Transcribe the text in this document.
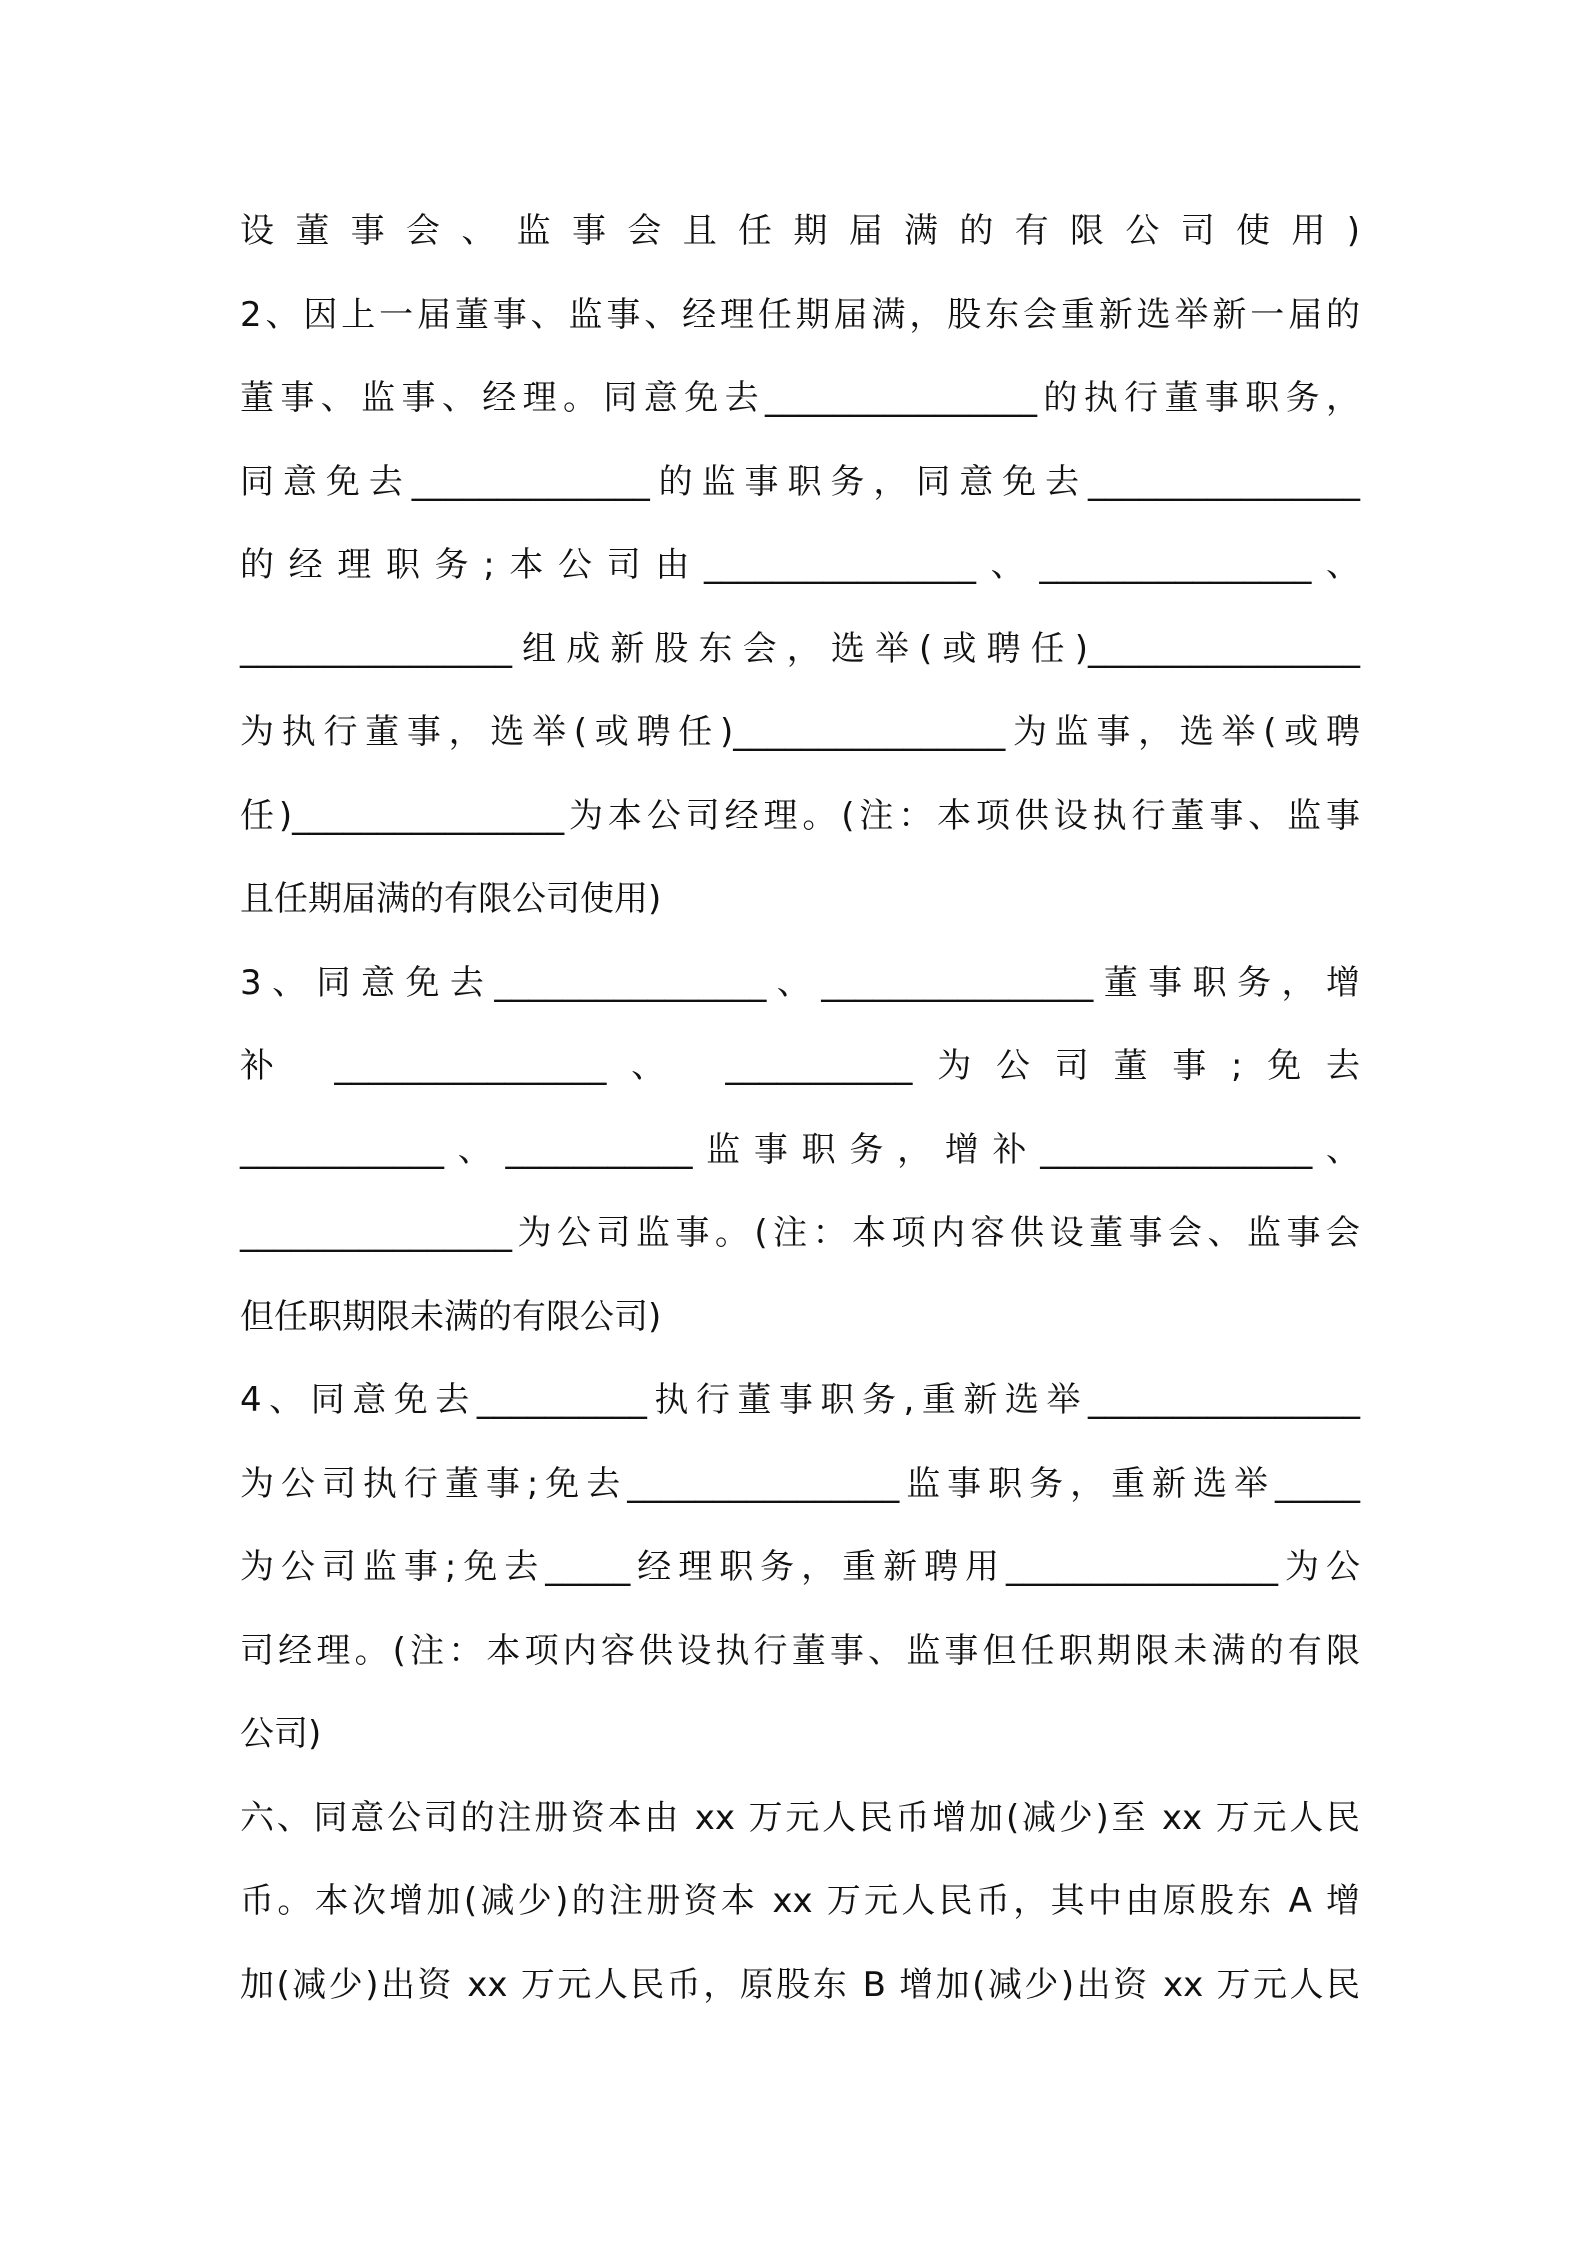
设董事会、监事会且任期届满的有限公司使用)
2、因上一届董事、监事、经理任期届满，股东会重新选举新一届的
董事、监事、经理。同意免去________________的执行董事职务，
同意免去______________的监事职务，同意免去________________
的经理职务;本公司由________________、________________、
________________组成新股东会，选举(或聘任)________________
为执行董事，选举(或聘任)________________为监事，选举(或聘
任)________________为本公司经理。(注：本项供设执行董事、监事
且任期届满的有限公司使用)
3、同意免去________________、________________董事职务，增
补 ________________、 ___________为公司董事;免去
____________、___________监事职务，增补________________、
________________为公司监事。(注：本项内容供设董事会、监事会
但任职期限未满的有限公司)
4、同意免去__________执行董事职务,重新选举________________
为公司执行董事;免去________________监事职务，重新选举_____
为公司监事;免去_____经理职务，重新聘用________________为公
司经理。(注：本项内容供设执行董事、监事但任职期限未满的有限
公司)
六、同意公司的注册资本由 xx 万元人民币增加(减少)至 xx 万元人民
币。本次增加(减少)的注册资本 xx 万元人民币，其中由原股东 A 增
加(减少)出资 xx 万元人民币，原股东 B 增加(减少)出资 xx 万元人民
